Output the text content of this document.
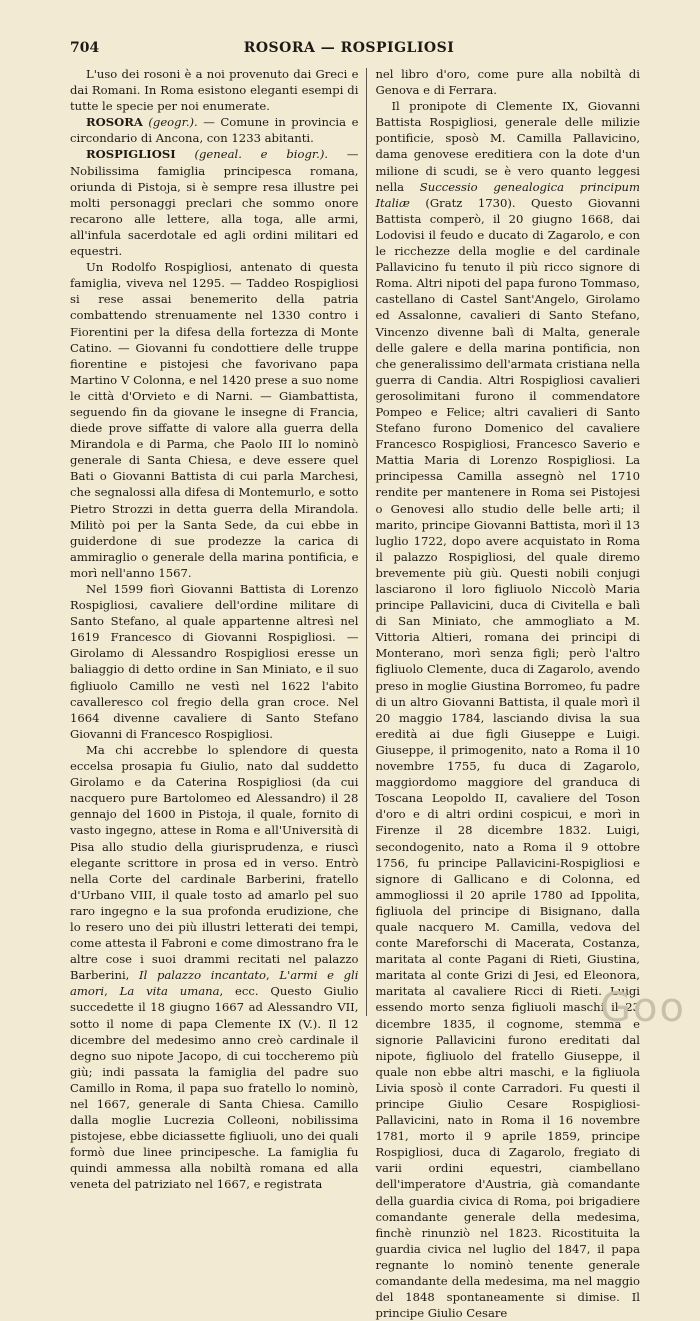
704	ROSORA — ROSPIGLIOSI

L'uso dei rosoni è a noi provenuto dai Greci e dai Romani. In Roma esistono eleganti esempi di tutte le specie per noi enumerate.

ROSORA (geogr.). — Comune in provincia e circondario di Ancona, con 1233 abitanti.

ROSPIGLIOSI (geneal. e biogr.). — Nobilissima famiglia principesca romana, oriunda di Pistoja, si è sempre resa illustre pei molti personaggi preclari che sommo onore recarono alle lettere, alla toga, alle armi, all'infula sacerdotale ed agli ordini militari ed equestri.

Un Rodolfo Rospigliosi, antenato di questa famiglia, viveva nel 1295. — Taddeo Rospigliosi si rese assai benemerito della patria combattendo strenuamente nel 1330 contro i Fiorentini per la difesa della fortezza di Monte Catino. — Giovanni fu condottiere delle truppe fiorentine e pistojesi che favorivano papa Martino V Colonna, e nel 1420 prese a suo nome le città d'Orvieto e di Narni. — Giambattista, seguendo fin da giovane le insegne di Francia, diede prove siffatte di valore alla guerra della Mirandola e di Parma, che Paolo III lo nominò generale di Santa Chiesa, e deve essere quel Bati o Giovanni Battista di cui parla Marchesi, che segnalossi alla difesa di Montemurlo, e sotto Pietro Strozzi in detta guerra della Mirandola. Militò poi per la Santa Sede, da cui ebbe in guiderdone di sue prodezze la carica di ammiraglio o generale della marina pontificia, e morì nell'anno 1567.

Nel 1599 fiorì Giovanni Battista di Lorenzo Rospigliosi, cavaliere dell'ordine militare di Santo Stefano, al quale appartenne altresì nel 1619 Francesco di Giovanni Rospigliosi. — Girolamo di Alessandro Rospigliosi eresse un baliaggio di detto ordine in San Miniato, e il suo figliuolo Camillo ne vestì nel 1622 l'abito cavalleresco col fregio della gran croce. Nel 1664 divenne cavaliere di Santo Stefano Giovanni di Francesco Rospigliosi.

Ma chi accrebbe lo splendore di questa eccelsa prosapia fu Giulio, nato dal suddetto Girolamo e da Caterina Rospigliosi (da cui nacquero pure Bartolomeo ed Alessandro) il 28 gennajo del 1600 in Pistoja, il quale, fornito di vasto ingegno, attese in Roma e all'Università di Pisa allo studio della giurisprudenza, e riuscì elegante scrittore in prosa ed in verso. Entrò nella Corte del cardinale Barberini, fratello d'Urbano VIII, il quale tosto ad amarlo pel suo raro ingegno e la sua profonda erudizione, che lo resero uno dei più illustri letterati dei tempi, come attesta il Fabroni e come dimostrano fra le altre cose i suoi drammi recitati nel palazzo Barberini, Il palazzo incantato, L'armi e gli amori, La vita umana, ecc. Questo Giulio succedette il 18 giugno 1667 ad Alessandro VII, sotto il nome di papa Clemente IX (V.). Il 12 dicembre del medesimo anno creò cardinale il degno suo nipote Jacopo, di cui toccheremo più giù; indi passata la famiglia del padre suo Camillo in Roma, il papa suo fratello lo nominò, nel 1667, generale di Santa Chiesa. Camillo dalla moglie Lucrezia Colleoni, nobilissima pistojese, ebbe diciassette figliuoli, uno dei quali formò due linee principesche. La famiglia fu quindi ammessa alla nobiltà romana ed alla veneta del patriziato nel 1667, e registrata

nel libro d'oro, come pure alla nobiltà di Genova e di Ferrara.

Il pronipote di Clemente IX, Giovanni Battista Rospigliosi, generale delle milizie pontificie, sposò M. Camilla Pallavicino, dama genovese ereditiera con la dote d'un milione di scudi, se è vero quanto leggesi nella Successio genealogica principum Italiæ (Gratz 1730). Questo Giovanni Battista comperò, il 20 giugno 1668, dai Lodovisi il feudo e ducato di Zagarolo, e con le ricchezze della moglie e del cardinale Pallavicino fu tenuto il più ricco signore di Roma. Altri nipoti del papa furono Tommaso, castellano di Castel Sant'Angelo, Girolamo ed Assalonne, cavalieri di Santo Stefano, Vincenzo divenne balì di Malta, generale delle galere e della marina pontificia, non che generalissimo dell'armata cristiana nella guerra di Candia. Altri Rospigliosi cavalieri gerosolimitani furono il commendatore Pompeo e Felice; altri cavalieri di Santo Stefano furono Domenico del cavaliere Francesco Rospigliosi, Francesco Saverio e Mattia Maria di Lorenzo Rospigliosi. La principessa Camilla assegnò nel 1710 rendite per mantenere in Roma sei Pistojesi o Genovesi allo studio delle belle arti; il marito, principe Giovanni Battista, morì il 13 luglio 1722, dopo avere acquistato in Roma il palazzo Rospigliosi, del quale diremo brevemente più giù. Questi nobili conjugi lasciarono il loro figliuolo Niccolò Maria principe Pallavicini, duca di Civitella e balì di San Miniato, che ammogliato a M. Vittoria Altieri, romana dei principi di Monterano, morì senza figli; però l'altro figliuolo Clemente, duca di Zagarolo, avendo preso in moglie Giustina Borromeo, fu padre di un altro Giovanni Battista, il quale morì il 20 maggio 1784, lasciando divisa la sua eredità ai due figli Giuseppe e Luigi. Giuseppe, il primogenito, nato a Roma il 10 novembre 1755, fu duca di Zagarolo, maggiordomo maggiore del granduca di Toscana Leopoldo II, cavaliere del Toson d'oro e di altri ordini cospicui, e morì in Firenze il 28 dicembre 1832. Luigi, secondogenito, nato a Roma il 9 ottobre 1756, fu principe Pallavicini-Rospigliosi e signore di Gallicano e di Colonna, ed ammogliossi il 20 aprile 1780 ad Ippolita, figliuola del principe di Bisignano, dalla quale nacquero M. Camilla, vedova del conte Mareforschi di Macerata, Costanza, maritata al conte Pagani di Rieti, Giustina, maritata al conte Grizi di Jesi, ed Eleonora, maritata al cavaliere Ricci di Rieti. Luigi essendo morto senza figliuoli maschi il 23 dicembre 1835, il cognome, stemma e signorie Pallavicini furono ereditati dal nipote, figliuolo del fratello Giuseppe, il quale non ebbe altri maschi, e la figliuola Livia sposò il conte Carradori. Fu questi il principe Giulio Cesare Rospigliosi-Pallavicini, nato in Roma il 16 novembre 1781, morto il 9 aprile 1859, principe Rospigliosi, duca di Zagarolo, fregiato di varii ordini equestri, ciambellano dell'imperatore d'Austria, già comandante della guardia civica di Roma, poi brigadiere comandante generale della medesima, finchè rinunziò nel 1823. Ricostituita la guardia civica nel luglio del 1847, il papa regnante lo nominò tenente generale comandante della medesima, ma nel maggio del 1848 spontaneamente si dimise. Il principe Giulio Cesare

Goo
